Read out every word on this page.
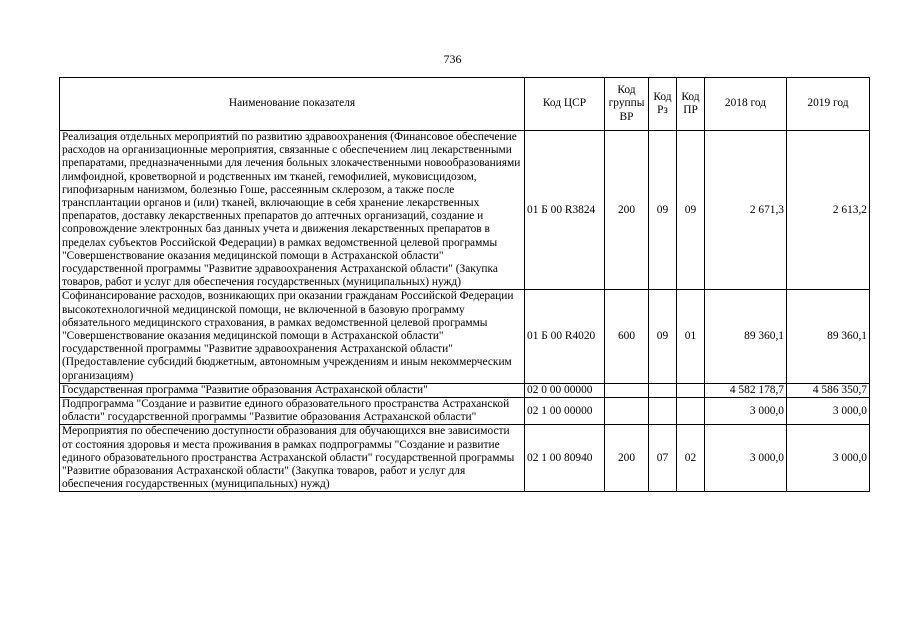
736
Наименование показателя	Код ЦСР	Код группы ВР	Код Рз	Код ПР	2018 год	2019 год
Реализация отдельных мероприятий по развитию здравоохранения (Финансовое обеспечение расходов на организационные мероприятия, связанные с обеспечением лиц лекарственными препаратами, предназначенными для лечения больных злокачественными новообразованиями лимфоидной, кроветворной и родственных им тканей, гемофилией, муковисцидозом, гипофизарным нанизмом, болезнью Гоше, рассеянным склерозом, а также после трансплантации органов и (или) тканей, включающие в себя хранение лекарственных препаратов, доставку лекарственных препаратов до аптечных организаций, создание и сопровождение электронных баз данных учета и движения лекарственных препаратов в пределах субъектов Российской Федерации) в рамках ведомственной целевой программы "Совершенствование оказания медицинской помощи в Астраханской области" государственной программы "Развитие здравоохранения Астраханской области" (Закупка товаров, работ и услуг для обеспечения государственных (муниципальных) нужд)	01 Б 00 R3824	200	09	09	2 671,3	2 613,2
Софинансирование расходов, возникающих при оказании гражданам Российской Федерации высокотехнологичной медицинской помощи, не включенной в базовую программу обязательного медицинского страхования, в рамках ведомственной целевой программы "Совершенствование оказания медицинской помощи в Астраханской области" государственной программы "Развитие здравоохранения Астраханской области" (Предоставление субсидий бюджетным, автономным учреждениям и иным некоммерческим организациям)	01 Б 00 R4020	600	09	01	89 360,1	89 360,1
Государственная программа "Развитие образования Астраханской области"	02 0 00 00000				4 582 178,7	4 586 350,7
Подпрограмма "Создание и развитие единого образовательного пространства Астраханской области" государственной программы "Развитие образования Астраханской области"	02 1 00 00000				3 000,0	3 000,0
Мероприятия по обеспечению доступности образования для обучающихся вне зависимости от состояния здоровья и места проживания в рамках подпрограммы "Создание и развитие единого образовательного пространства Астраханской области" государственной программы "Развитие образования Астраханской области" (Закупка товаров, работ и услуг для обеспечения государственных (муниципальных) нужд)	02 1 00 80940	200	07	02	3 000,0	3 000,0
